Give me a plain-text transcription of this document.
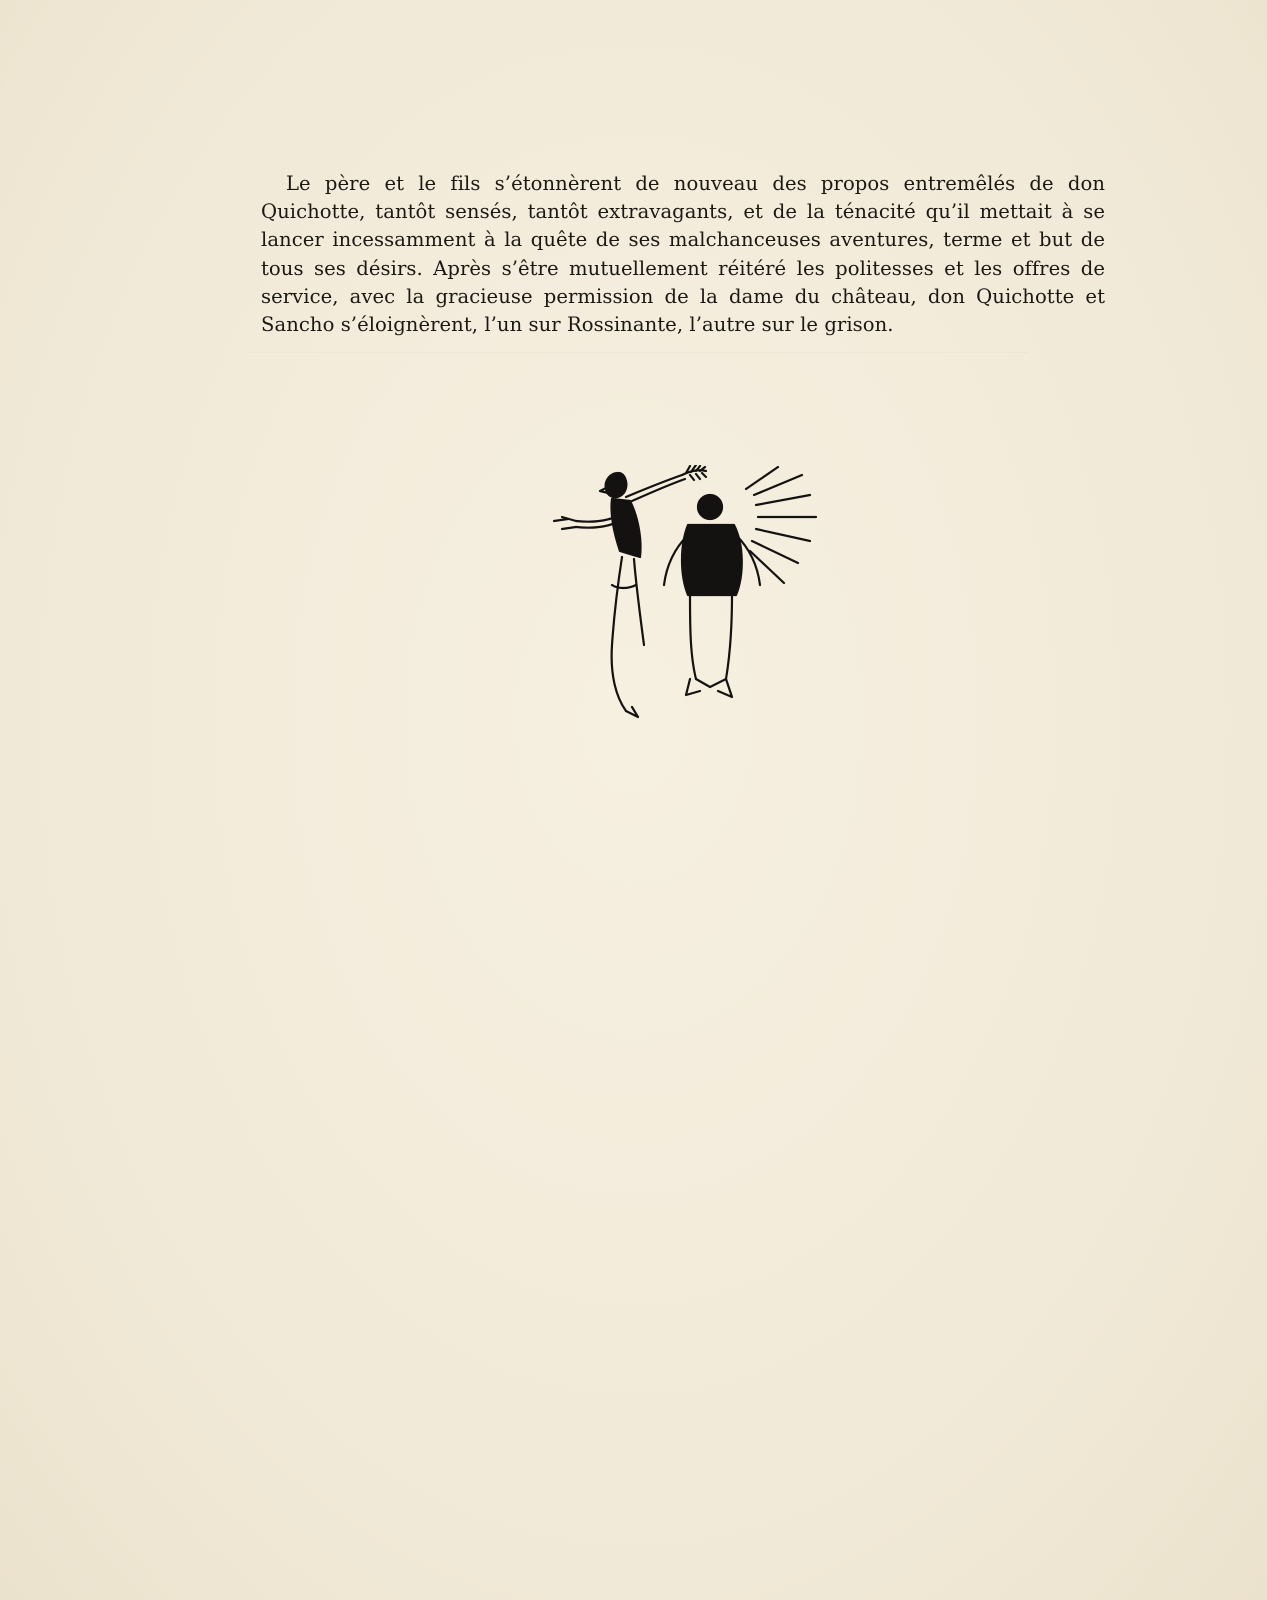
Le père et le fils s’étonnèrent de nouveau des propos entremêlés de don Quichotte, tantôt sensés, tantôt extravagants, et de la ténacité qu’il mettait à se lancer incessamment à la quête de ses malchanceuses aventures, terme et but de tous ses désirs. Après s’être mutuellement réitéré les politesses et les offres de service, avec la gracieuse permission de la dame du château, don Quichotte et Sancho s’éloignèrent, l’un sur Rossinante, l’autre sur le grison.
